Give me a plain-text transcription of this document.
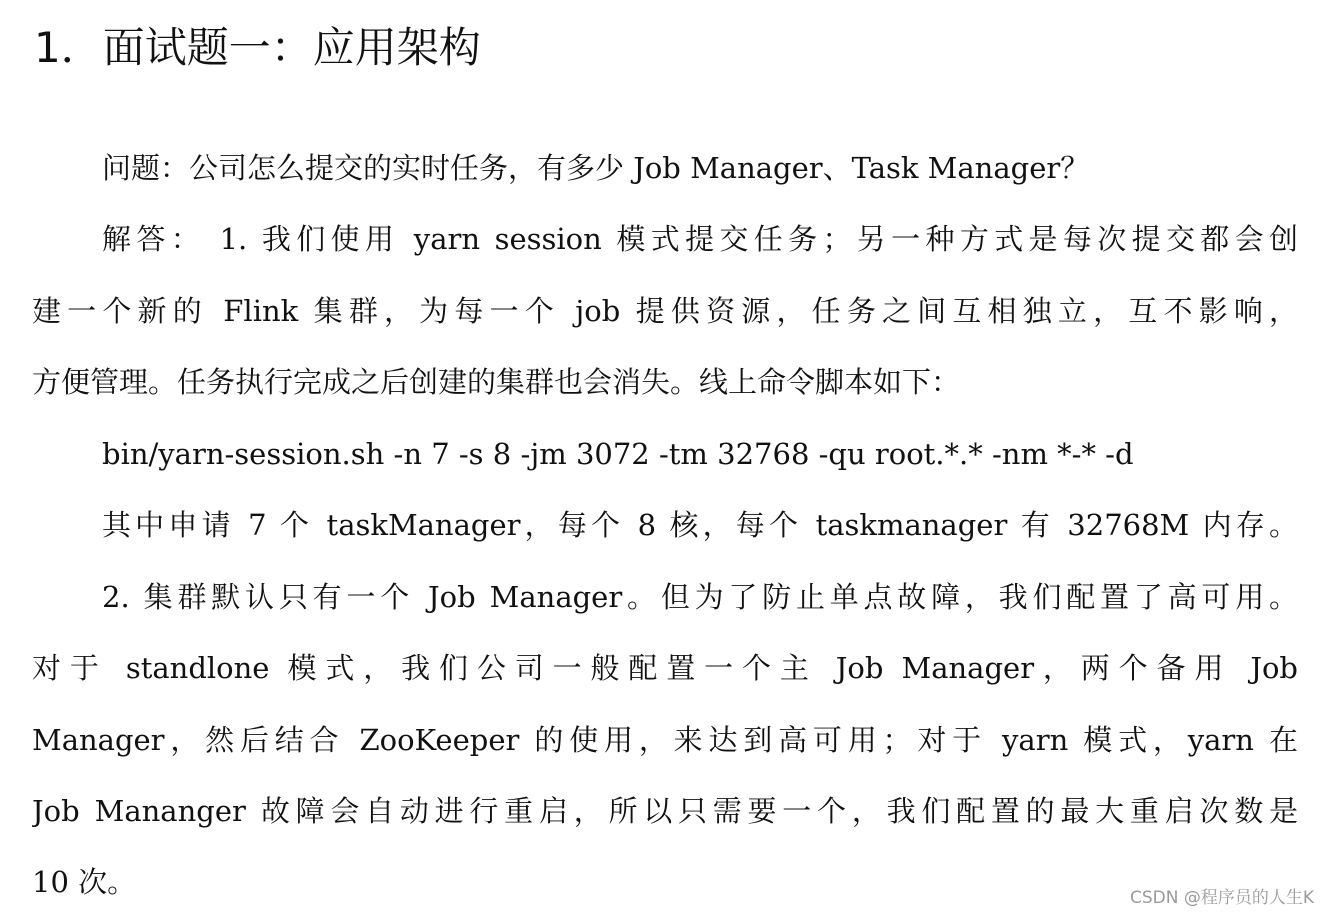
1．面试题一：应用架构
问题：公司怎么提交的实时任务，有多少 Job Manager、Task Manager？
解答： 1. 我们使用 yarn session 模式提交任务；另一种方式是每次提交都会创
建一个新的 Flink 集群，为每一个 job 提供资源，任务之间互相独立，互不影响，
方便管理。任务执行完成之后创建的集群也会消失。线上命令脚本如下：
bin/yarn-session.sh -n 7 -s 8 -jm 3072 -tm 32768 -qu root.*.* -nm *-* -d
其中申请 7 个 taskManager，每个 8 核，每个 taskmanager 有 32768M 内存。
2. 集群默认只有一个 Job Manager。但为了防止单点故障，我们配置了高可用。
对于 standlone 模式，我们公司一般配置一个主 Job Manager，两个备用 Job
Manager，然后结合 ZooKeeper 的使用，来达到高可用；对于 yarn 模式，yarn 在
Job Mananger 故障会自动进行重启，所以只需要一个，我们配置的最大重启次数是
10 次。	CSDN @程序员的人生K
